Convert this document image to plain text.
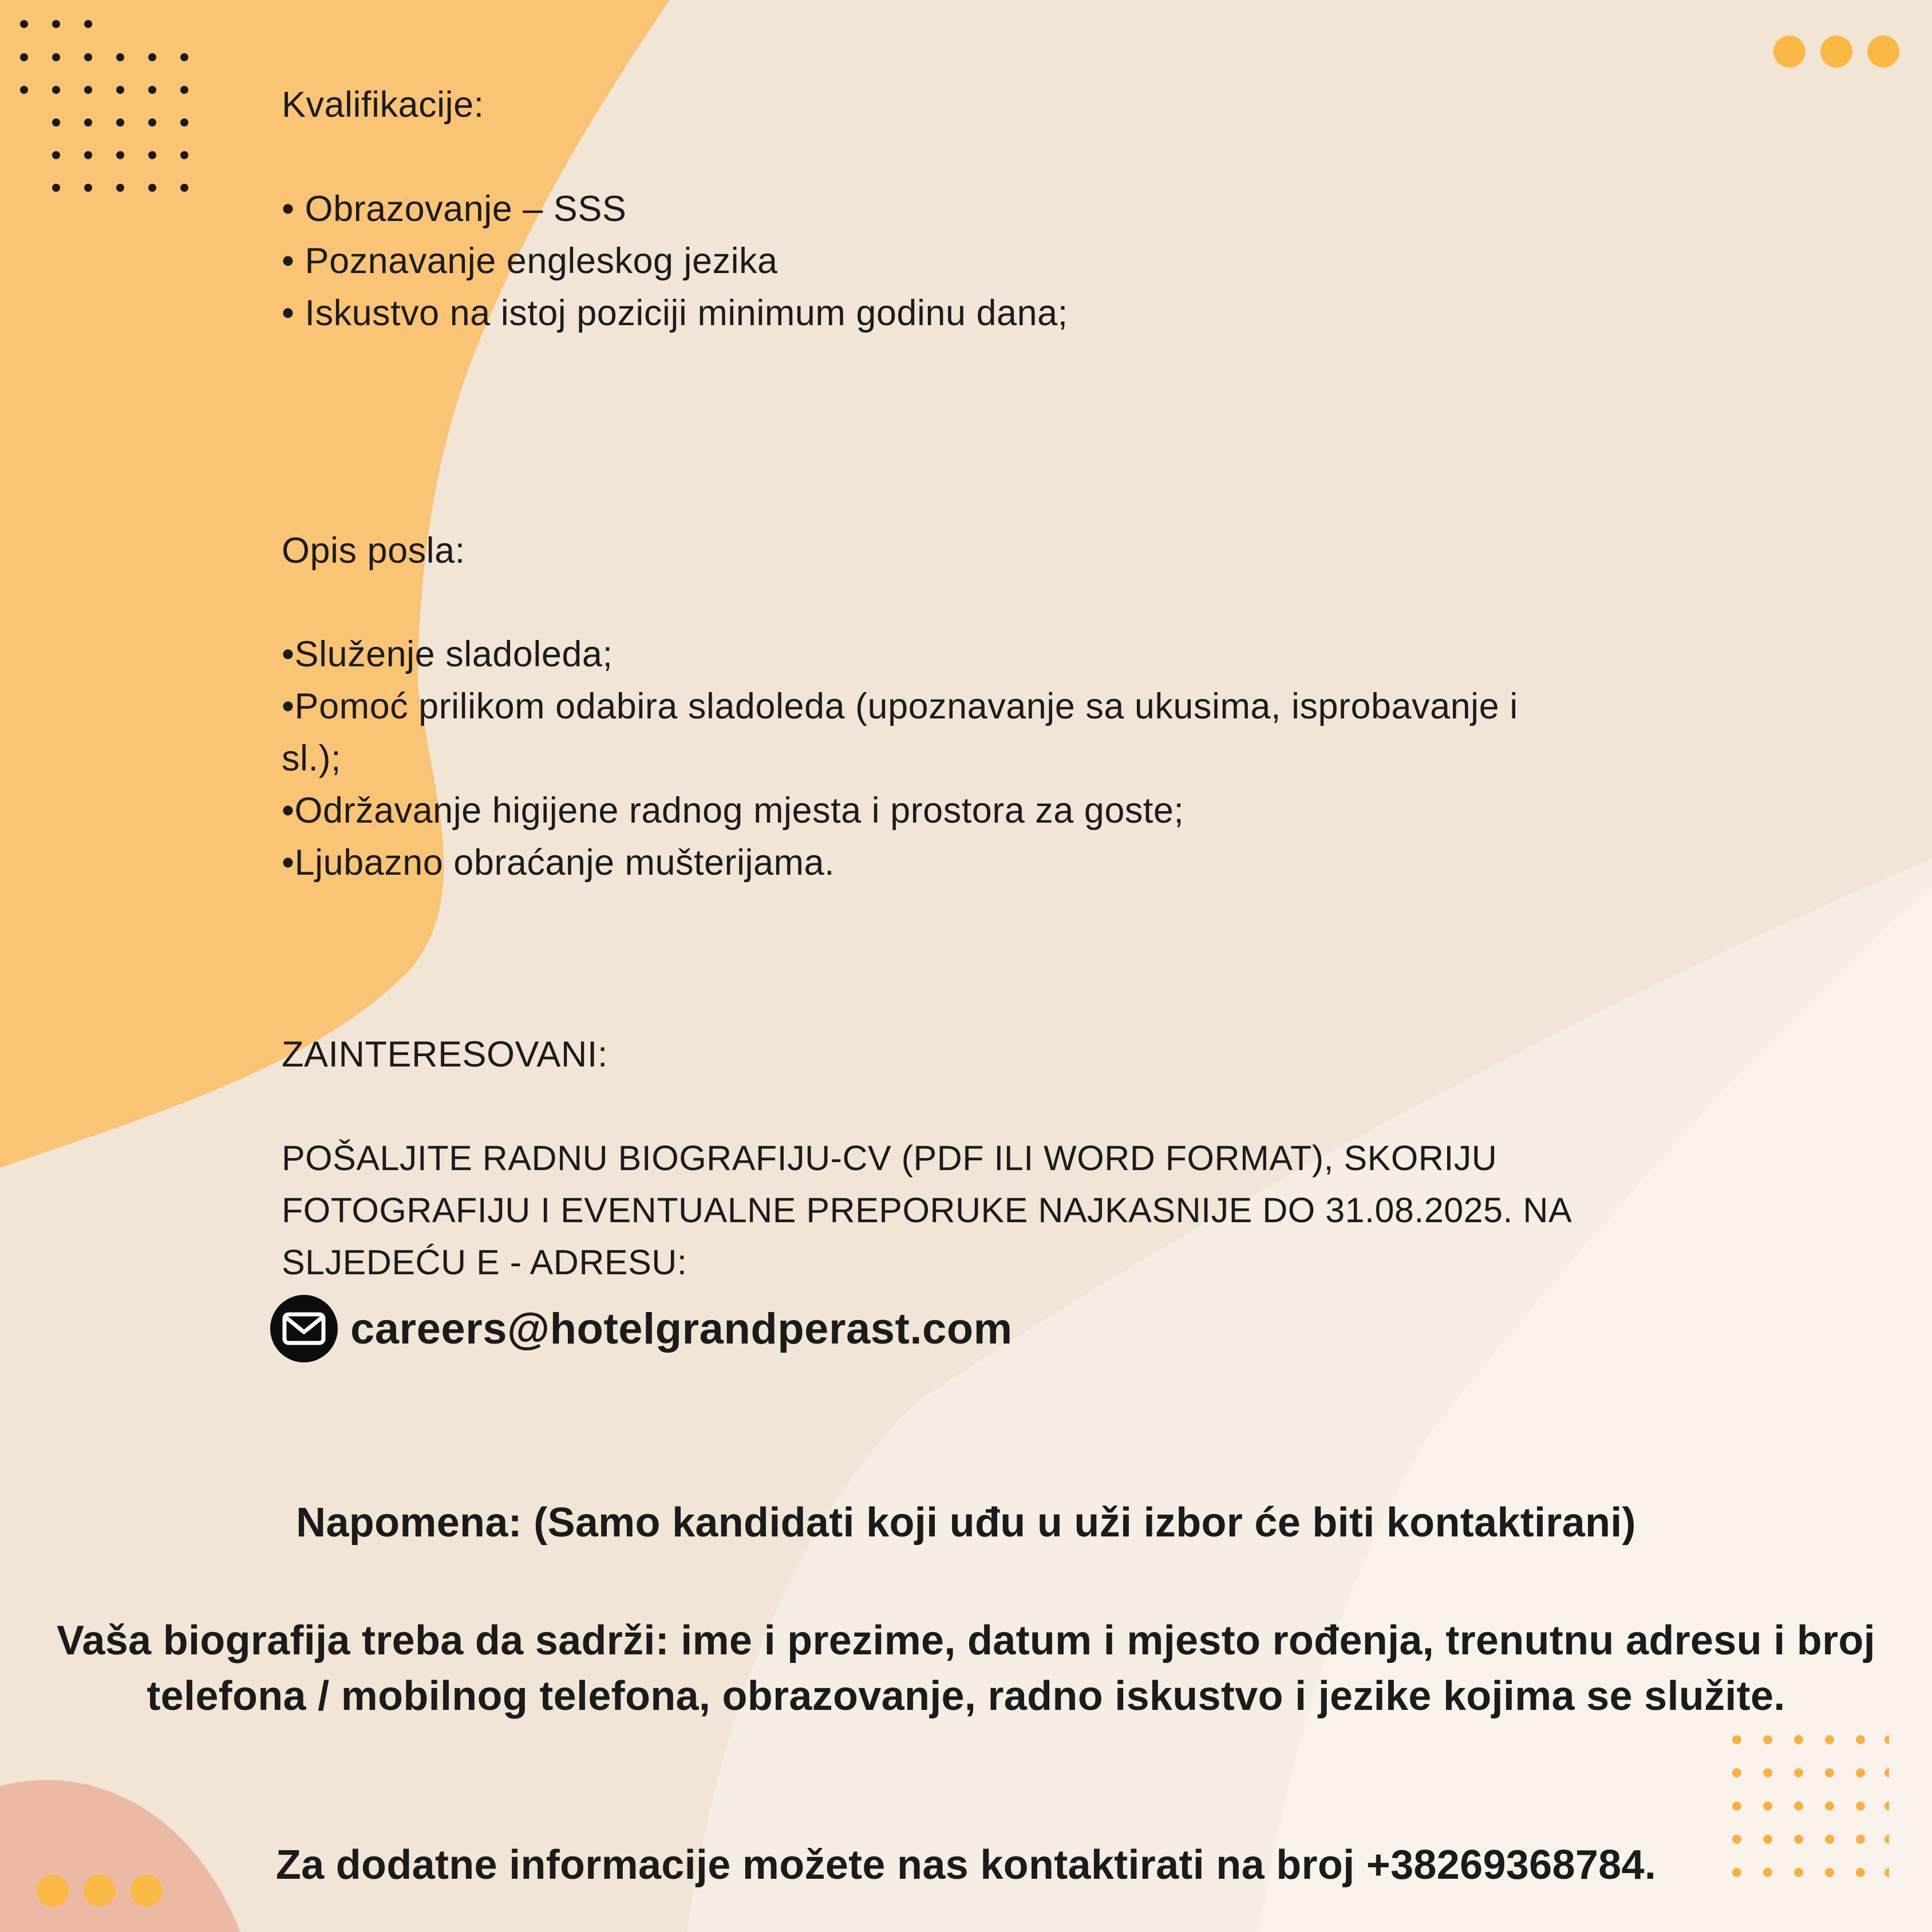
Kvalifikacije:
• Obrazovanje – SSS
• Poznavanje engleskog jezika
• Iskustvo na istoj poziciji minimum godinu dana;
Opis posla:
•Služenje sladoleda;
•Pomoć prilikom odabira sladoleda (upoznavanje sa ukusima, isprobavanje i sl.);
•Održavanje higijene radnog mjesta i prostora za goste;
•Ljubazno obraćanje mušterijama.
ZAINTERESOVANI:
POŠALJITE RADNU BIOGRAFIJU-CV (PDF ILI WORD FORMAT), SKORIJU FOTOGRAFIJU I EVENTUALNE PREPORUKE NAJKASNIJE DO 31.08.2025. NA SLJEDEĆU E - ADRESU:
careers@hotelgrandperast.com
Napomena: (Samo kandidati koji uđu u uži izbor će biti kontaktirani)
Vaša biografija treba da sadrži: ime i prezime, datum i mjesto rođenja, trenutnu adresu i broj telefona / mobilnog telefona, obrazovanje, radno iskustvo i jezike kojima se služite.
Za dodatne informacije možete nas kontaktirati na broj +38269368784.
